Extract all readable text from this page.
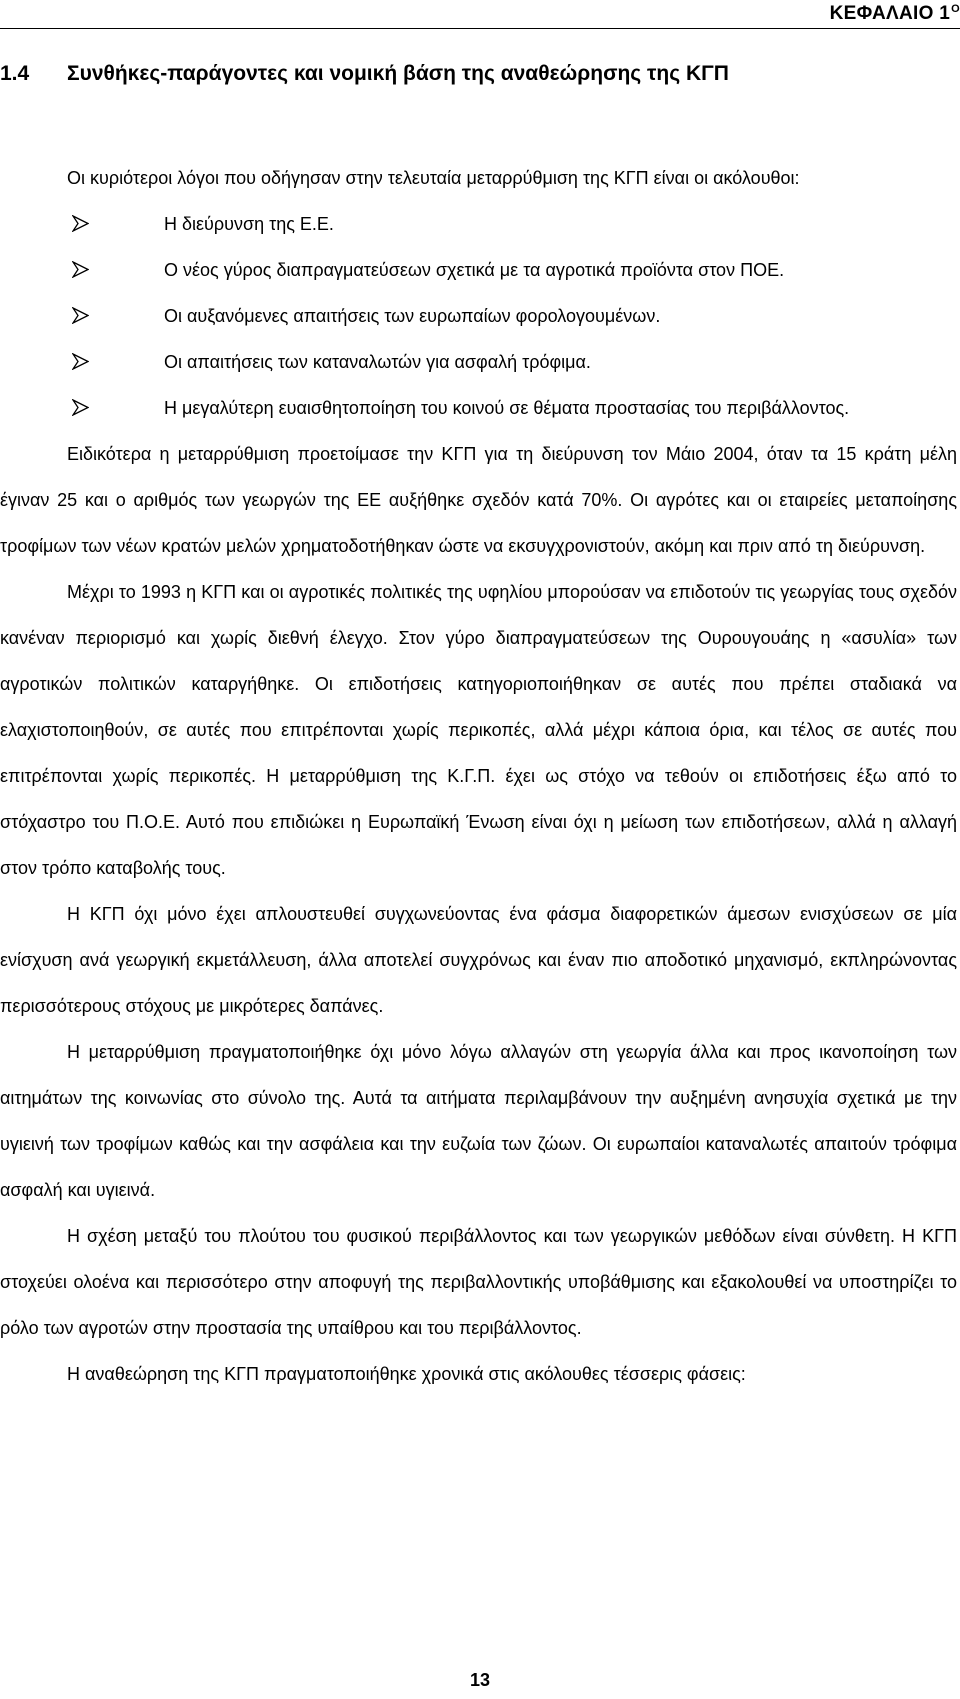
ΚΕΦΑΛΑΙΟ $1^O$
1.4 Συνθήκες-παράγοντες και νομική βάση της αναθεώρησης της ΚΓΠ

Οι κυριότεροι λόγοι που οδήγησαν στην τελευταία μεταρρύθμιση της ΚΓΠ είναι οι ακόλουθοι:

Η διεύρυνση της Ε.Ε.
Ο νέος γύρος διαπραγματεύσεων σχετικά με τα αγροτικά προϊόντα στον ΠΟΕ.
Οι αυξανόμενες απαιτήσεις των ευρωπαίων φορολογουμένων.
Οι απαιτήσεις των καταναλωτών για ασφαλή τρόφιμα.
Η μεγαλύτερη ευαισθητοποίηση του κοινού σε θέματα προστασίας του περιβάλλοντος.

Ειδικότερα η μεταρρύθμιση προετοίμασε την ΚΓΠ για τη διεύρυνση τον Μάιο 2004, όταν τα 15 κράτη μέλη έγιναν 25 και ο αριθμός των γεωργών της ΕΕ αυξήθηκε σχεδόν κατά 70%. Οι αγρότες και οι εταιρείες μεταποίησης τροφίμων των νέων κρατών μελών χρηματοδοτήθηκαν ώστε να εκσυγχρονιστούν, ακόμη και πριν από τη διεύρυνση.

Μέχρι το 1993 η ΚΓΠ και οι αγροτικές πολιτικές της υφηλίου μπορούσαν να επιδοτούν τις γεωργίας τους σχεδόν κανέναν περιορισμό και χωρίς διεθνή έλεγχο. Στον γύρο διαπραγματεύσεων της Ουρουγουάης η «ασυλία» των αγροτικών πολιτικών καταργήθηκε. Οι επιδοτήσεις κατηγοριοποιήθηκαν σε αυτές που πρέπει σταδιακά να ελαχιστοποιηθούν, σε αυτές που επιτρέπονται χωρίς περικοπές, αλλά μέχρι κάποια όρια, και τέλος σε αυτές που επιτρέπονται χωρίς περικοπές. Η μεταρρύθμιση της Κ.Γ.Π. έχει ως στόχο να τεθούν οι επιδοτήσεις έξω από το στόχαστρο του Π.Ο.Ε. Αυτό που επιδιώκει η Ευρωπαϊκή Ένωση είναι όχι η μείωση των επιδοτήσεων, αλλά η αλλαγή στον τρόπο καταβολής τους.

Η ΚΓΠ όχι μόνο έχει απλουστευθεί συγχωνεύοντας ένα φάσμα διαφορετικών άμεσων ενισχύσεων σε μία ενίσχυση ανά γεωργική εκμετάλλευση, άλλα αποτελεί συγχρόνως και έναν πιο αποδοτικό μηχανισμό, εκπληρώνοντας περισσότερους στόχους με μικρότερες δαπάνες.

Η μεταρρύθμιση πραγματοποιήθηκε όχι μόνο λόγω αλλαγών στη γεωργία άλλα και προς ικανοποίηση των αιτημάτων της κοινωνίας στο σύνολο της. Αυτά τα αιτήματα περιλαμβάνουν την αυξημένη ανησυχία σχετικά με την υγιεινή των τροφίμων καθώς και την ασφάλεια και την ευζωία των ζώων. Οι ευρωπαίοι καταναλωτές απαιτούν τρόφιμα ασφαλή και υγιεινά.

Η σχέση μεταξύ του πλούτου του φυσικού περιβάλλοντος και των γεωργικών μεθόδων είναι σύνθετη. Η ΚΓΠ στοχεύει ολοένα και περισσότερο στην αποφυγή της περιβαλλοντικής υποβάθμισης και εξακολουθεί να υποστηρίζει το ρόλο των αγροτών στην προστασία της υπαίθρου και του περιβάλλοντος.

Η αναθεώρηση της ΚΓΠ πραγματοποιήθηκε χρονικά στις ακόλουθες τέσσερις φάσεις:

13
